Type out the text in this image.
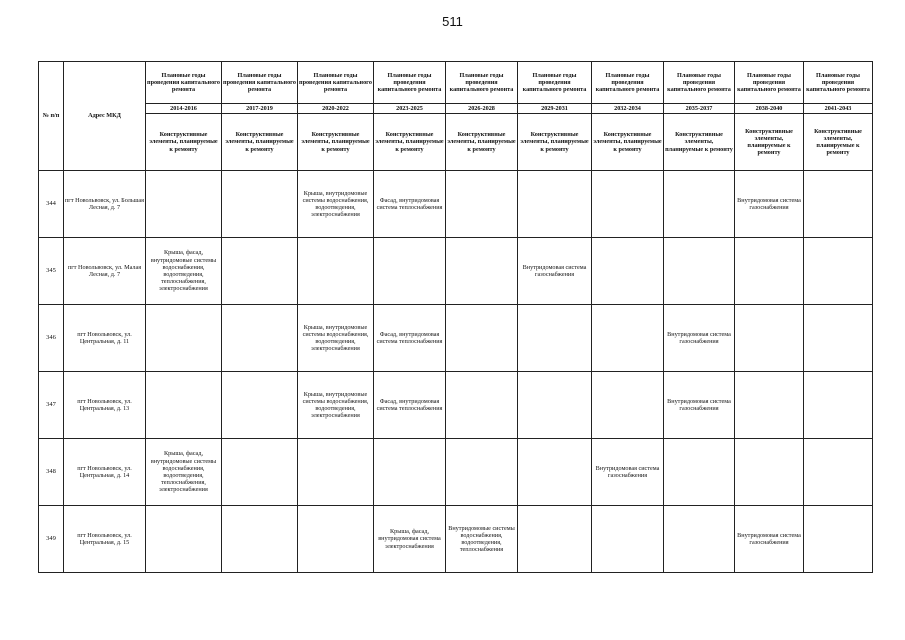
511
№ п/п	Адрес МКД	Плановые годы проведения капитального ремонта	Плановые годы проведения капитального ремонта	Плановые годы проведения капитального ремонта	Плановые годы проведения капитального ремонта	Плановые годы проведения капитального ремонта	Плановые годы проведения капитального ремонта	Плановые годы проведения капитального ремонта	Плановые годы проведения капитального ремонта	Плановые годы проведения капитального ремонта	Плановые годы проведения капитального ремонта
		2014-2016	2017-2019	2020-2022	2023-2025	2026-2028	2029-2031	2032-2034	2035-2037	2038-2040	2041-2043
		Конструктивные элементы, планируемые к ремонту	Конструктивные элементы, планируемые к ремонту	Конструктивные элементы, планируемые к ремонту	Конструктивные элементы, планируемые к ремонту	Конструктивные элементы, планируемые к ремонту	Конструктивные элементы, планируемые к ремонту	Конструктивные элементы, планируемые к ремонту	Конструктивные элементы, планируемые к ремонту	Конструктивные элементы, планируемые к ремонту	Конструктивные элементы, планируемые к ремонту
344	пгт Новольвовск, ул. Большая Лесная, д. 7			Крыша, внутридомовые системы водоснабжения, водоотведения, электроснабжения	Фасад, внутридомовая система теплоснабжения					Внутридомовая система газоснабжения	
345	пгт Новольвовск, ул. Малая Лесная, д. 7	Крыша, фасад, внутридомовые системы водоснабжения, водоотведения, теплоснабжения, электроснабжения					Внутридомовая система газоснабжения				
346	пгт Новольвовск, ул. Центральная, д. 11			Крыша, внутридомовые системы водоснабжения, водоотведения, электроснабжения	Фасад, внутридомовая система теплоснабжения				Внутридомовая система газоснабжения		
347	пгт Новольвовск, ул. Центральная, д. 13			Крыша, внутридомовые системы водоснабжения, водоотведения, электроснабжения	Фасад, внутридомовая система теплоснабжения				Внутридомовая система газоснабжения		
348	пгт Новольвовск, ул. Центральная, д. 14	Крыша, фасад, внутридомовые системы водоснабжения, водоотведения, теплоснабжения, электроснабжения						Внутридомовая система газоснабжения			
349	пгт Новольвовск, ул. Центральная, д. 15				Крыша, фасад, внутридомовая система электроснабжения	Внутридомовые системы водоснабжения, водоотведения, теплоснабжения				Внутридомовая система газоснабжения	
